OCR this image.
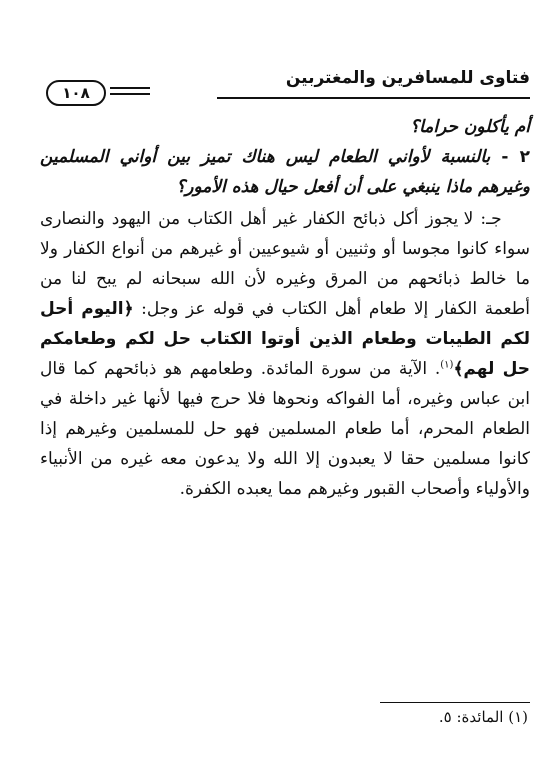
فتاوى للمسافرين والمغتربين
١٠٨

أم يأكلون حراما؟

٢ - بالنسبة لأواني الطعام ليس هناك تميز بين أواني المسلمين وغيرهم ماذا ينبغي على أن أفعل حيال هذه الأمور؟

جـ: لا يجوز أكل ذبائح الكفار غير أهل الكتاب من اليهود والنصارى سواء كانوا مجوسا أو وثنيين أو شيوعيين أو غيرهم من أنواع الكفار ولا ما خالط ذبائحهم من المرق وغيره لأن الله سبحانه لم يبح لنا من أطعمة الكفار إلا طعام أهل الكتاب في قوله عز وجل: ﴿اليوم أحل لكم الطيبات وطعام الذين أوتوا الكتاب حل لكم وطعامكم حل لهم﴾$^{(١)}$. الآية من سورة المائدة. وطعامهم هو ذبائحهم كما قال ابن عباس وغيره، أما الفواكه ونحوها فلا حرج فيها لأنها غير داخلة في الطعام المحرم، أما طعام المسلمين فهو حل للمسلمين وغيرهم إذا كانوا مسلمين حقا لا يعبدون إلا الله ولا يدعون معه غيره من الأنبياء والأولياء وأصحاب القبور وغيرهم مما يعبده الكفرة.

(١) المائدة: ٥.
